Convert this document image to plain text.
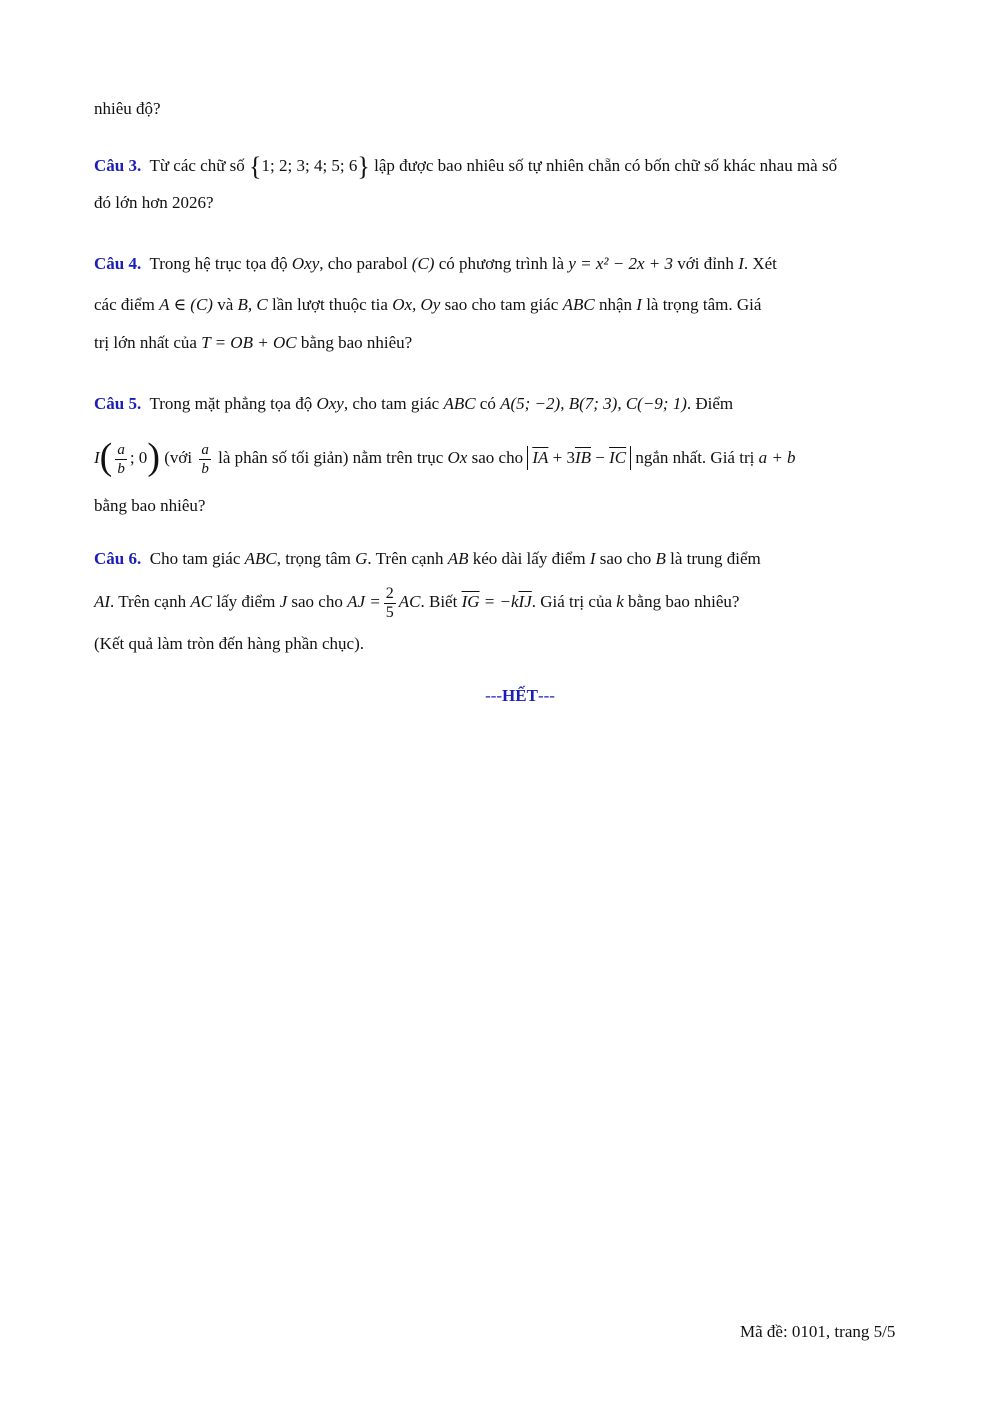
nhiêu độ?
Câu 3. Từ các chữ số {1; 2; 3; 4; 5; 6} lập được bao nhiêu số tự nhiên chẵn có bốn chữ số khác nhau mà số
đó lớn hơn 2026?
Câu 4. Trong hệ trục tọa độ Oxy, cho parabol (C) có phương trình là y = x² − 2x + 3 với đỉnh I. Xét
các điểm A ∈ (C) và B, C lần lượt thuộc tia Ox, Oy sao cho tam giác ABC nhận I là trọng tâm. Giá
trị lớn nhất của T = OB + OC bằng bao nhiêu?
Câu 5. Trong mặt phẳng tọa độ Oxy, cho tam giác ABC có A(5; −2), B(7; 3), C(−9; 1). Điểm
$I( \frac{a}{b}$ ; 0) (với $\frac{a}{b}$ là phân số tối giản) nằm trên trục Ox sao cho $\overline{IA} + 3\overline{IB} - \overline{IC}$ ngắn nhất. Giá trị a + b
bằng bao nhiêu?
Câu 6. Cho tam giác ABC, trọng tâm G. Trên cạnh AB kéo dài lấy điểm I sao cho B là trung điểm
AI. Trên cạnh AC lấy điểm J sao cho AJ = $\frac{2}{5}$ AC. Biết $\overline{IG} = -k\overline{IJ}$. Giá trị của k bằng bao nhiêu?
(Kết quả làm tròn đến hàng phần chục).
---HẾT---
Mã đề: 0101, trang 5/5
